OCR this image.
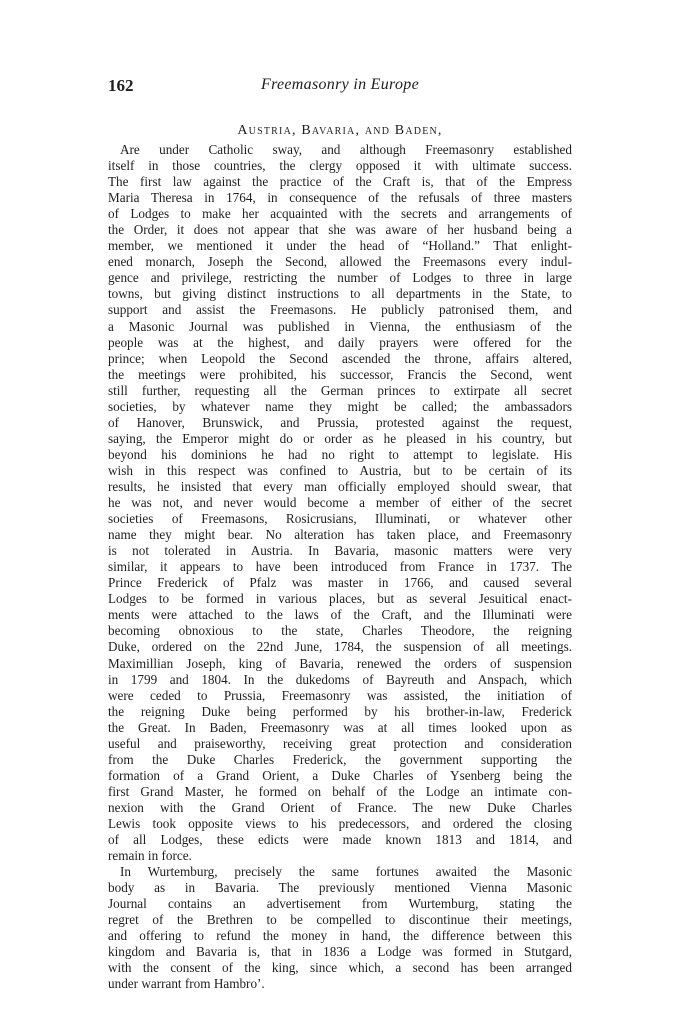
162	Freemasonry in Europe
Austria, Bavaria, and Baden,
Are under Catholic sway, and although Freemasonry established
itself in those countries, the clergy opposed it with ultimate success.
The first law against the practice of the Craft is, that of the Empress
Maria Theresa in 1764, in consequence of the refusals of three masters
of Lodges to make her acquainted with the secrets and arrangements of
the Order, it does not appear that she was aware of her husband being a
member, we mentioned it under the head of “Holland.” That enlight-
ened monarch, Joseph the Second, allowed the Freemasons every indul-
gence and privilege, restricting the number of Lodges to three in large
towns, but giving distinct instructions to all departments in the State, to
support and assist the Freemasons. He publicly patronised them, and
a Masonic Journal was published in Vienna, the enthusiasm of the
people was at the highest, and daily prayers were offered for the
prince; when Leopold the Second ascended the throne, affairs altered,
the meetings were prohibited, his successor, Francis the Second, went
still further, requesting all the German princes to extirpate all secret
societies, by whatever name they might be called; the ambassadors
of Hanover, Brunswick, and Prussia, protested against the request,
saying, the Emperor might do or order as he pleased in his country, but
beyond his dominions he had no right to attempt to legislate. His
wish in this respect was confined to Austria, but to be certain of its
results, he insisted that every man officially employed should swear, that
he was not, and never would become a member of either of the secret
societies of Freemasons, Rosicrusians, Illuminati, or whatever other
name they might bear. No alteration has taken place, and Freemasonry
is not tolerated in Austria. In Bavaria, masonic matters were very
similar, it appears to have been introduced from France in 1737. The
Prince Frederick of Pfalz was master in 1766, and caused several
Lodges to be formed in various places, but as several Jesuitical enact-
ments were attached to the laws of the Craft, and the Illuminati were
becoming obnoxious to the state, Charles Theodore, the reigning
Duke, ordered on the 22nd June, 1784, the suspension of all meetings.
Maximillian Joseph, king of Bavaria, renewed the orders of suspension
in 1799 and 1804. In the dukedoms of Bayreuth and Anspach, which
were ceded to Prussia, Freemasonry was assisted, the initiation of
the reigning Duke being performed by his brother-in-law, Frederick
the Great. In Baden, Freemasonry was at all times looked upon as
useful and praiseworthy, receiving great protection and consideration
from the Duke Charles Frederick, the government supporting the
formation of a Grand Orient, a Duke Charles of Ysenberg being the
first Grand Master, he formed on behalf of the Lodge an intimate con-
nexion with the Grand Orient of France. The new Duke Charles
Lewis took opposite views to his predecessors, and ordered the closing
of all Lodges, these edicts were made known 1813 and 1814, and
remain in force.
In Wurtemburg, precisely the same fortunes awaited the Masonic
body as in Bavaria. The previously mentioned Vienna Masonic
Journal contains an advertisement from Wurtemburg, stating the
regret of the Brethren to be compelled to discontinue their meetings,
and offering to refund the money in hand, the difference between this
kingdom and Bavaria is, that in 1836 a Lodge was formed in Stutgard,
with the consent of the king, since which, a second has been arranged
under warrant from Hambro’.
